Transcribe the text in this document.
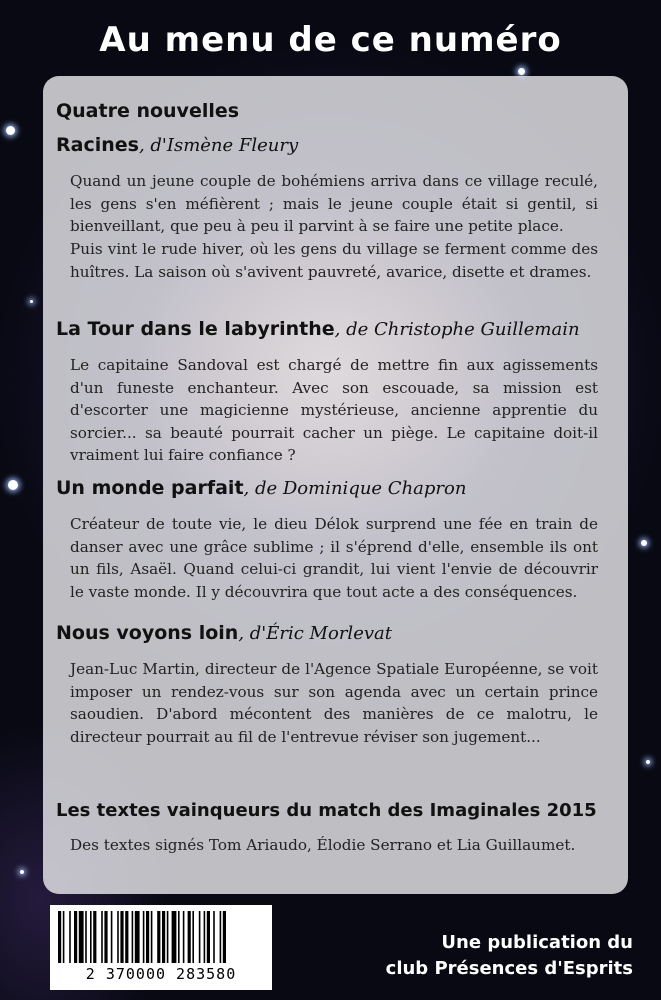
Au menu de ce numéro

Quatre nouvelles

Racines, d'Ismène Fleury

Quand un jeune couple de bohémiens arriva dans ce village reculé, les gens s'en méfièrent ; mais le jeune couple était si gentil, si bienveillant, que peu à peu il parvint à se faire une petite place.

Puis vint le rude hiver, où les gens du village se ferment comme des huîtres. La saison où s'avivent pauvreté, avarice, disette et drames.

La Tour dans le labyrinthe, de Christophe Guillemain

Le capitaine Sandoval est chargé de mettre fin aux agissements d'un funeste enchanteur. Avec son escouade, sa mission est d'escorter une magicienne mystérieuse, ancienne apprentie du sorcier... sa beauté pourrait cacher un piège. Le capitaine doit-il vraiment lui faire confiance ?

Un monde parfait, de Dominique Chapron

Créateur de toute vie, le dieu Délok surprend une fée en train de danser avec une grâce sublime ; il s'éprend d'elle, ensemble ils ont un fils, Asaël. Quand celui-ci grandit, lui vient l'envie de découvrir le vaste monde. Il y découvrira que tout acte a des conséquences.

Nous voyons loin, d'Éric Morlevat

Jean-Luc Martin, directeur de l'Agence Spatiale Européenne, se voit imposer un rendez-vous sur son agenda avec un certain prince saoudien. D'abord mécontent des manières de ce malotru, le directeur pourrait au fil de l'entrevue réviser son jugement...

Les textes vainqueurs du match des Imaginales 2015

Des textes signés Tom Ariaudo, Élodie Serrano et Lia Guillaumet.

2 370000 283580

Une publication du

club Présences d'Esprits
